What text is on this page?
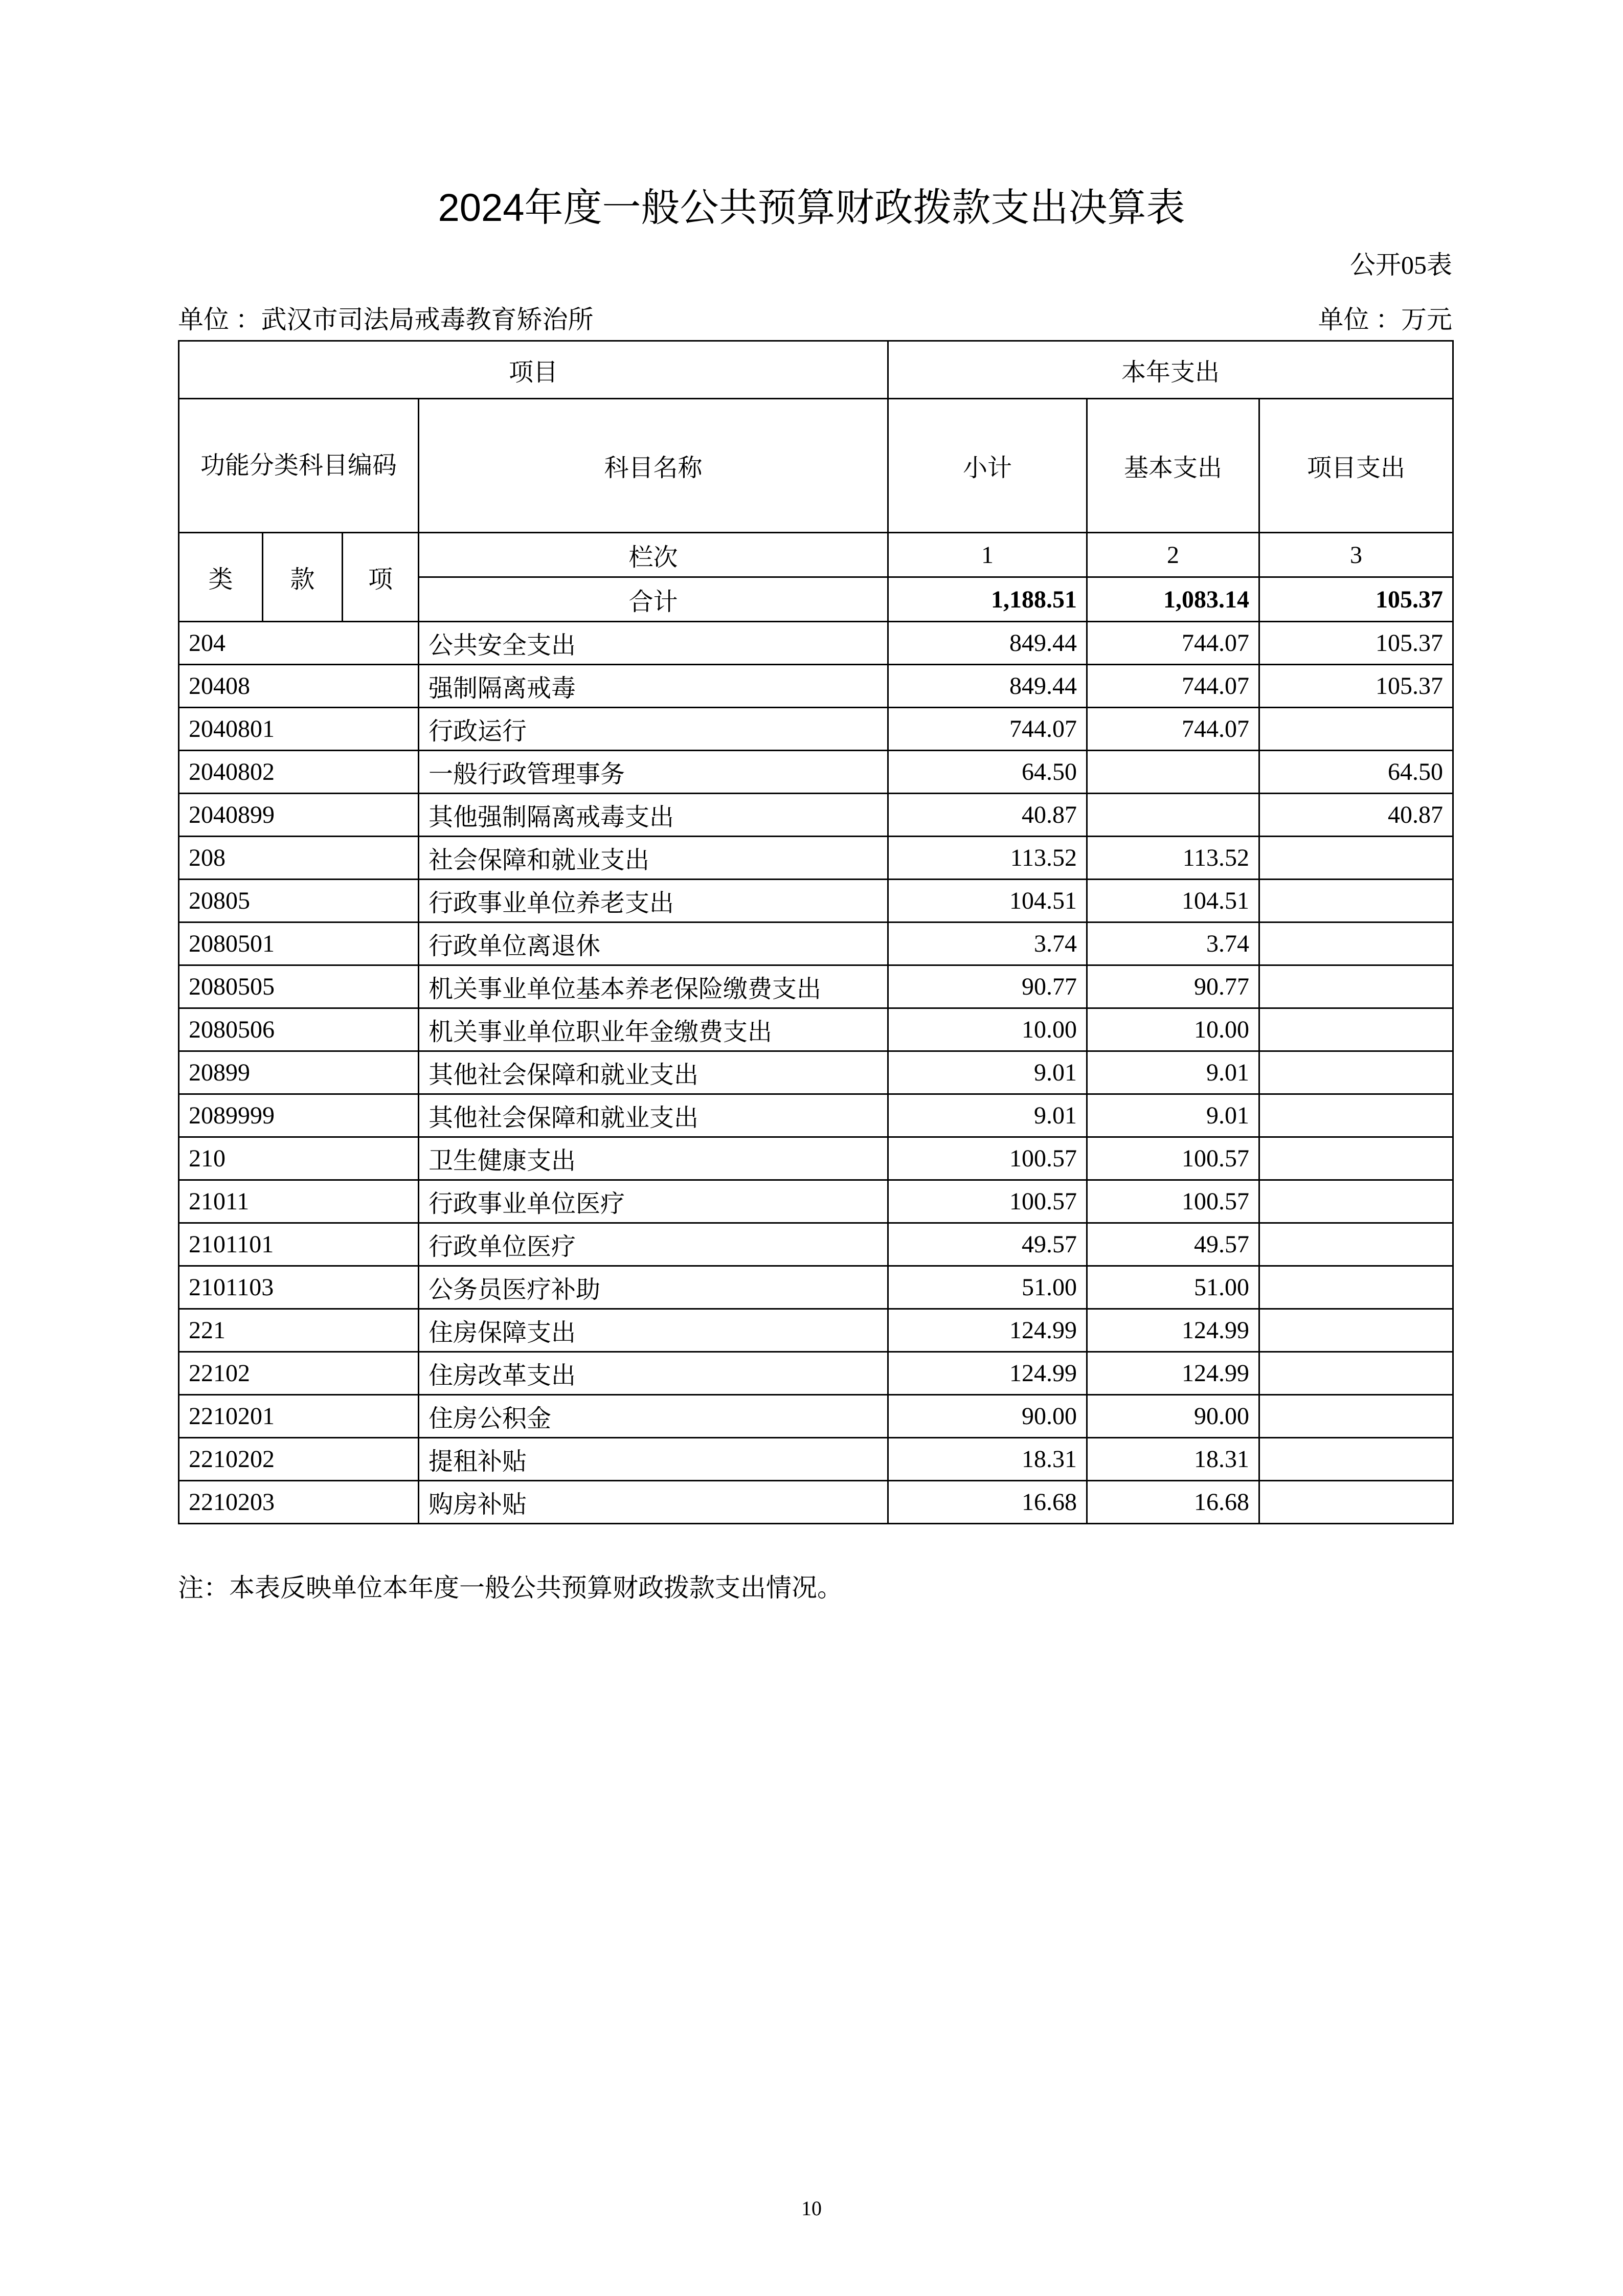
2024年度一般公共预算财政拨款支出决算表
公开05表
单位 ：武汉市司法局戒毒教育矫治所	单位 ：万元
项目				本年支出		
功能分类科目编码			科目名称	小计	基本支出	项目支出
类	款	项	栏次	1	2	3
			合计	1,188.51	1,083.14	105.37
204			公共安全支出	849.44	744.07	105.37
20408			强制隔离戒毒	849.44	744.07	105.37
2040801			行政运行	744.07	744.07	
2040802			一般行政管理事务	64.50		64.50
2040899			其他强制隔离戒毒支出	40.87		40.87
208			社会保障和就业支出	113.52	113.52	
20805			行政事业单位养老支出	104.51	104.51	
2080501			行政单位离退休	3.74	3.74	
2080505			机关事业单位基本养老保险缴费支出	90.77	90.77	
2080506			机关事业单位职业年金缴费支出	10.00	10.00	
20899			其他社会保障和就业支出	9.01	9.01	
2089999			其他社会保障和就业支出	9.01	9.01	
210			卫生健康支出	100.57	100.57	
21011			行政事业单位医疗	100.57	100.57	
2101101			行政单位医疗	49.57	49.57	
2101103			公务员医疗补助	51.00	51.00	
221			住房保障支出	124.99	124.99	
22102			住房改革支出	124.99	124.99	
2210201			住房公积金	90.00	90.00	
2210202			提租补贴	18.31	18.31	
2210203			购房补贴	16.68	16.68	
注：本表反映单位本年度一般公共预算财政拨款支出情况。
10
